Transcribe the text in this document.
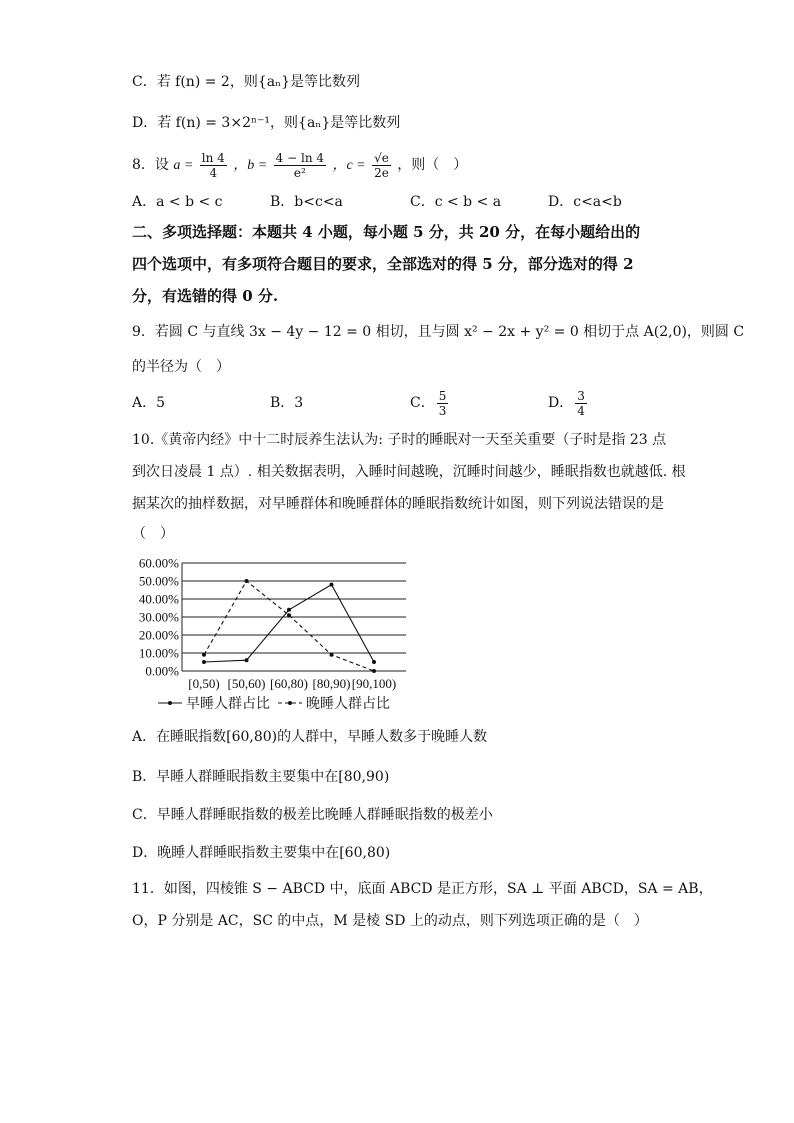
C．若 f(n) = 2，则{aₙ}是等比数列
D．若 f(n) = 3×2ⁿ⁻¹，则{aₙ}是等比数列
8．设 $a = \frac{\ln 4}{4}$ ，$b = \frac{4 - \ln 4}{\text{e²}}$ ，$c = \frac{√e}{2e}$ ，则（　）
A．a < b < c	B．b<c<a	C．c < b < a	D．c<a<b
二、多项选择题：本题共 4 小题，每小题 5 分，共 20 分，在每小题给出的
四个选项中，有多项符合题目的要求，全部选对的得 5 分，部分选对的得 2
分，有选错的得 0 分.
9．若圆 C 与直线 3x − 4y − 12 = 0 相切，且与圆 x² − 2x + y² = 0 相切于点 A(2,0)，则圆 C
的半径为（　）
A．5	B．3	C． $\frac{5}{3}$	D． $\frac{3}{4}$
10.《黄帝内经》中十二时辰养生法认为: 子时的睡眠对一天至关重要（子时是指 23 点
到次日凌晨 1 点）. 相关数据表明，入睡时间越晚，沉睡时间越少，睡眠指数也就越低. 根
据某次的抽样数据，对早睡群体和晚睡群体的睡眠指数统计如图，则下列说法错误的是
（　）
0.00%
10.00%
20.00%
30.00%
40.00%
50.00%
60.00%
[0,50) [50,60) [60,80) [80,90) [90,100)
早睡人群占比	晚睡人群占比
A．在睡眠指数[60,80)的人群中，早睡人数多于晚睡人数
B．早睡人群睡眠指数主要集中在[80,90)
C．早睡人群睡眠指数的极差比晚睡人群睡眠指数的极差小
D．晚睡人群睡眠指数主要集中在[60,80)
11．如图，四棱锥 S − ABCD 中，底面 ABCD 是正方形，SA ⊥ 平面 ABCD，SA = AB，
O，P 分别是 AC，SC 的中点，M 是棱 SD 上的动点，则下列选项正确的是（　）
